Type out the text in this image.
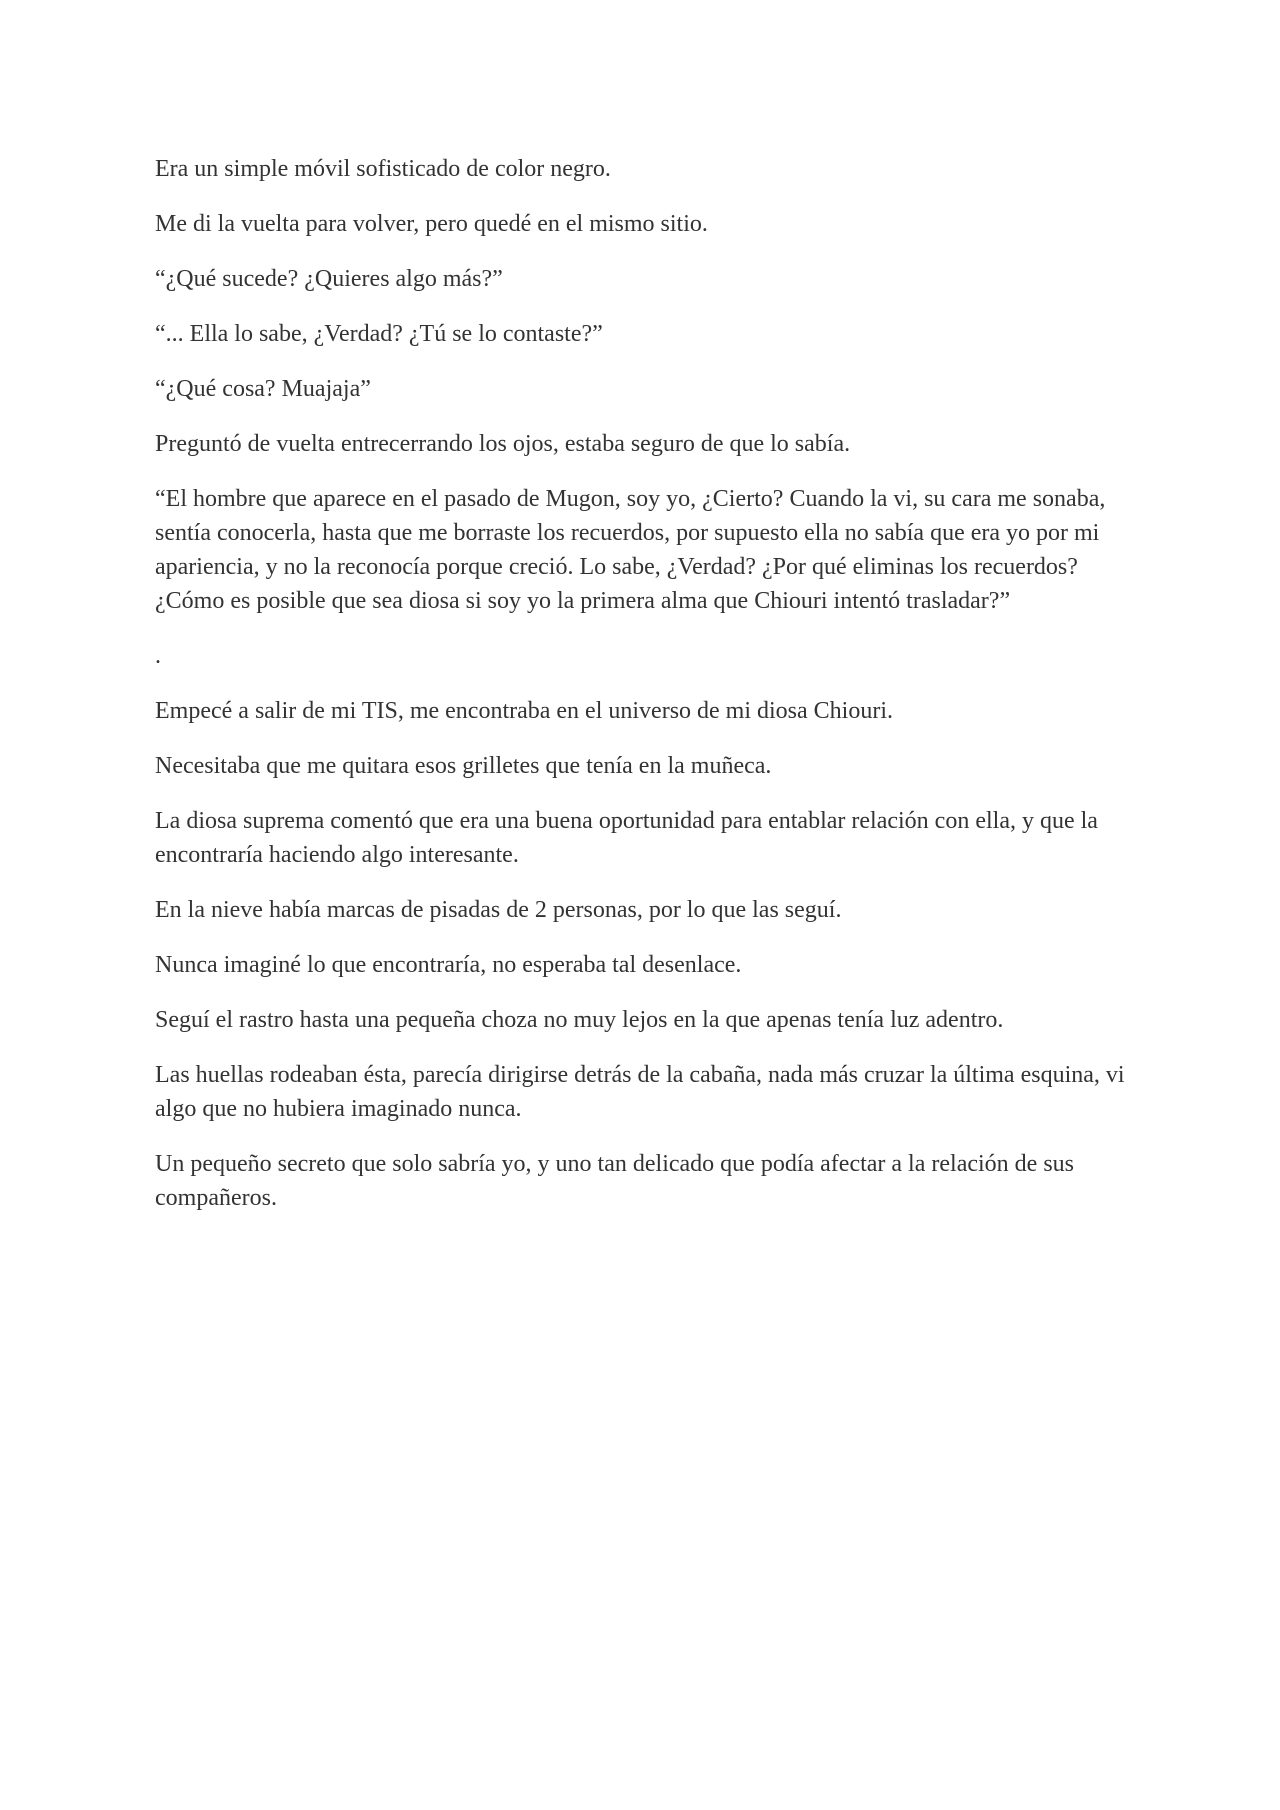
Era un simple móvil sofisticado de color negro.

Me di la vuelta para volver, pero quedé en el mismo sitio.

“¿Qué sucede? ¿Quieres algo más?”

“... Ella lo sabe, ¿Verdad? ¿Tú se lo contaste?”

“¿Qué cosa? Muajaja”

Preguntó de vuelta entrecerrando los ojos, estaba seguro de que lo sabía.

“El hombre que aparece en el pasado de Mugon, soy yo, ¿Cierto? Cuando la vi, su cara me sonaba, sentía conocerla, hasta que me borraste los recuerdos, por supuesto ella no sabía que era yo por mi apariencia, y no la reconocía porque creció. Lo sabe, ¿Verdad? ¿Por qué eliminas los recuerdos? ¿Cómo es posible que sea diosa si soy yo la primera alma que Chiouri intentó trasladar?”

.

Empecé a salir de mi TIS, me encontraba en el universo de mi diosa Chiouri.

Necesitaba que me quitara esos grilletes que tenía en la muñeca.

La diosa suprema comentó que era una buena oportunidad para entablar relación con ella, y que la encontraría haciendo algo interesante.

En la nieve había marcas de pisadas de 2 personas, por lo que las seguí.

Nunca imaginé lo que encontraría, no esperaba tal desenlace.

Seguí el rastro hasta una pequeña choza no muy lejos en la que apenas tenía luz adentro.

Las huellas rodeaban ésta, parecía dirigirse detrás de la cabaña, nada más cruzar la última esquina, vi algo que no hubiera imaginado nunca.

Un pequeño secreto que solo sabría yo, y uno tan delicado que podía afectar a la relación de sus compañeros.
